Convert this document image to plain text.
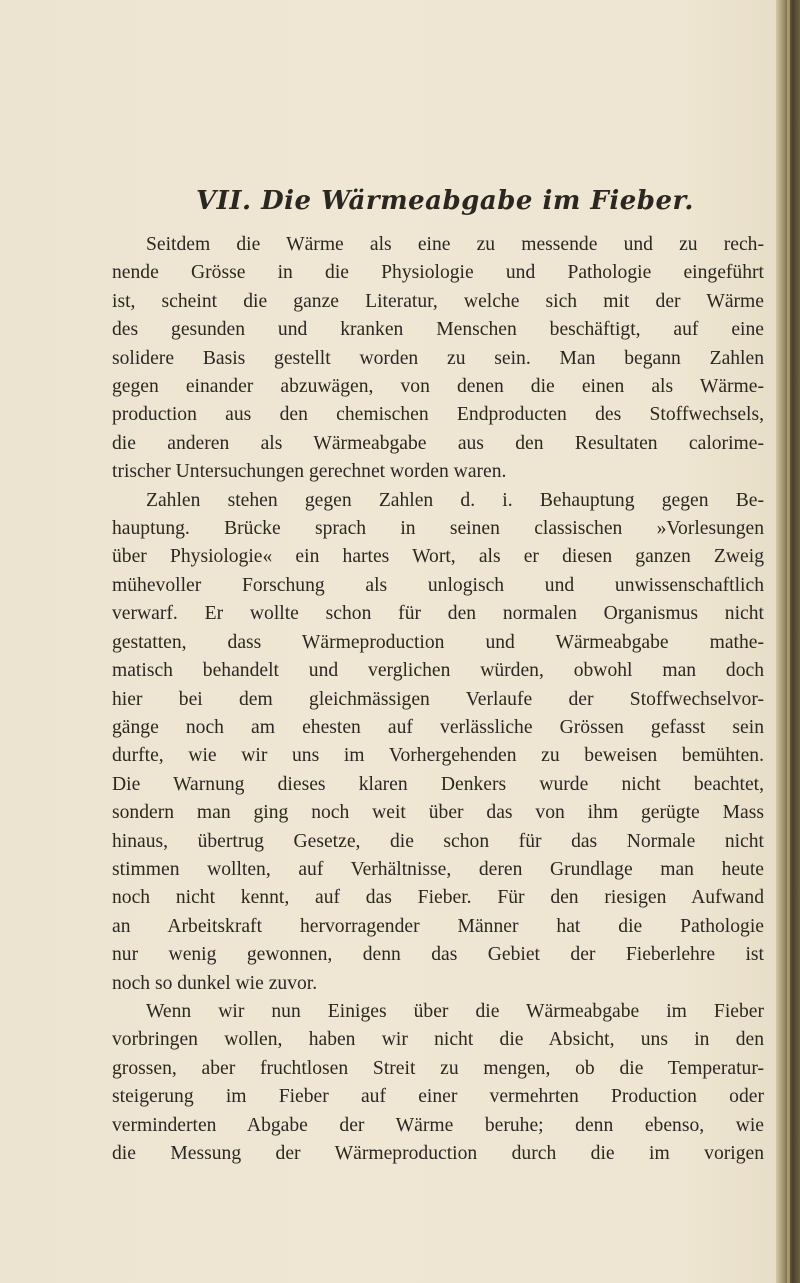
VII. Die Wärmeabgabe im Fieber.
Seitdem die Wärme als eine zu messende und zu rech-
nende Grösse in die Physiologie und Pathologie eingeführt
ist, scheint die ganze Literatur, welche sich mit der Wärme
des gesunden und kranken Menschen beschäftigt, auf eine
solidere Basis gestellt worden zu sein. Man begann Zahlen
gegen einander abzuwägen, von denen die einen als Wärme-
production aus den chemischen Endproducten des Stoffwechsels,
die anderen als Wärmeabgabe aus den Resultaten calorime-
trischer Untersuchungen gerechnet worden waren.
Zahlen stehen gegen Zahlen d. i. Behauptung gegen Be-
hauptung. Brücke sprach in seinen classischen »Vorlesungen
über Physiologie« ein hartes Wort, als er diesen ganzen Zweig
mühevoller Forschung als unlogisch und unwissenschaftlich
verwarf. Er wollte schon für den normalen Organismus nicht
gestatten, dass Wärmeproduction und Wärmeabgabe mathe-
matisch behandelt und verglichen würden, obwohl man doch
hier bei dem gleichmässigen Verlaufe der Stoffwechselvor-
gänge noch am ehesten auf verlässliche Grössen gefasst sein
durfte, wie wir uns im Vorhergehenden zu beweisen bemühten.
Die Warnung dieses klaren Denkers wurde nicht beachtet,
sondern man ging noch weit über das von ihm gerügte Mass
hinaus, übertrug Gesetze, die schon für das Normale nicht
stimmen wollten, auf Verhältnisse, deren Grundlage man heute
noch nicht kennt, auf das Fieber. Für den riesigen Aufwand
an Arbeitskraft hervorragender Männer hat die Pathologie
nur wenig gewonnen, denn das Gebiet der Fieberlehre ist
noch so dunkel wie zuvor.
Wenn wir nun Einiges über die Wärmeabgabe im Fieber
vorbringen wollen, haben wir nicht die Absicht, uns in den
grossen, aber fruchtlosen Streit zu mengen, ob die Temperatur-
steigerung im Fieber auf einer vermehrten Production oder
verminderten Abgabe der Wärme beruhe; denn ebenso, wie
die Messung der Wärmeproduction durch die im vorigen
